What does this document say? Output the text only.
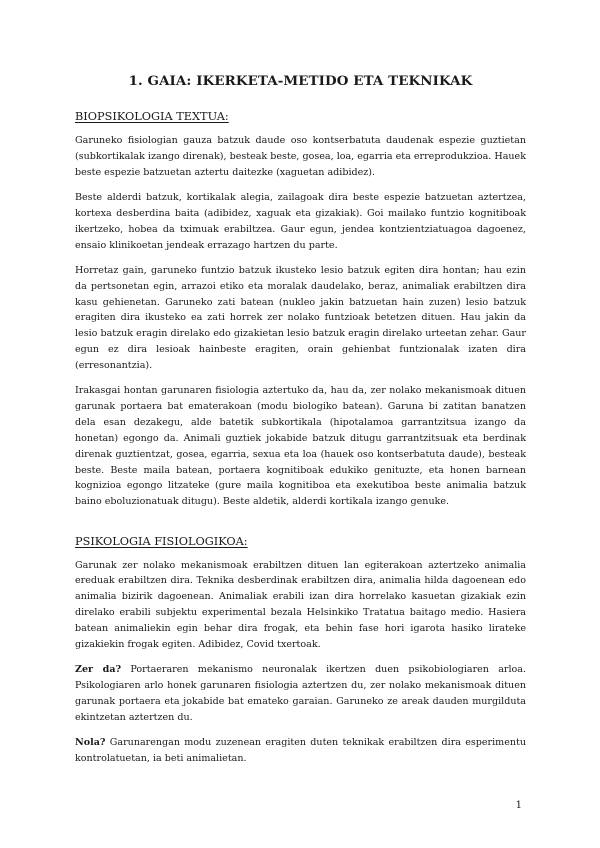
1. GAIA: IKERKETA-METIDO ETA TEKNIKAK
BIOPSIKOLOGIA TEXTUA:

Garuneko fisiologian gauza batzuk daude oso kontserbatuta daudenak espezie guztietan (subkortikalak izango direnak), besteak beste, gosea, loa, egarria eta erreprodukzioa. Hauek beste espezie batzuetan aztertu daitezke (xaguetan adibidez).

Beste alderdi batzuk, kortikalak alegia, zailagoak dira beste espezie batzuetan aztertzea, kortexa desberdina baita (adibidez, xaguak eta gizakiak). Goi mailako funtzio kognitiboak ikertzeko, hobea da tximuak erabiltzea. Gaur egun, jendea kontzientziatuagoa dagoenez, ensaio klinikoetan jendeak errazago hartzen du parte.

Horretaz gain, garuneko funtzio batzuk ikusteko lesio batzuk egiten dira hontan; hau ezin da pertsonetan egin, arrazoi etiko eta moralak daudelako, beraz, animaliak erabiltzen dira kasu gehienetan. Garuneko zati batean (nukleo jakin batzuetan hain zuzen) lesio batzuk eragiten dira ikusteko ea zati horrek zer nolako funtzioak betetzen dituen. Hau jakin da lesio batzuk eragin direlako edo gizakietan lesio batzuk eragin direlako urteetan zehar. Gaur egun ez dira lesioak hainbeste eragiten, orain gehienbat funtzionalak izaten dira (erresonantzia).

Irakasgai hontan garunaren fisiologia aztertuko da, hau da, zer nolako mekanismoak dituen garunak portaera bat ematerakoan (modu biologiko batean). Garuna bi zatitan banatzen dela esan dezakegu, alde batetik subkortikala (hipotalamoa garrantzitsua izango da honetan) egongo da. Animali guztiek jokabide batzuk ditugu garrantzitsuak eta berdinak direnak guztientzat, gosea, egarria, sexua eta loa (hauek oso kontserbatuta daude), besteak beste. Beste maila batean, portaera kognitiboak edukiko genituzte, eta honen barnean kognizioa egongo litzateke (gure maila kognitiboa eta exekutiboa beste animalia batzuk baino eboluzionatuak ditugu). Beste aldetik, alderdi kortikala izango genuke.

PSIKOLOGIA FISIOLOGIKOA:

Garunak zer nolako mekanismoak erabiltzen dituen lan egiterakoan aztertzeko animalia ereduak erabiltzen dira. Teknika desberdinak erabiltzen dira, animalia hilda dagoenean edo animalia bizirik dagoenean. Animaliak erabili izan dira horrelako kasuetan gizakiak ezin direlako erabili subjektu experimental bezala Helsinkiko Tratatua baitago medio. Hasiera batean animaliekin egin behar dira frogak, eta behin fase hori igarota hasiko lirateke gizakiekin frogak egiten. Adibidez, Covid txertoak.

Zer da? Portaeraren mekanismo neuronalak ikertzen duen psikobiologiaren arloa. Psikologiaren arlo honek garunaren fisiologia aztertzen du, zer nolako mekanismoak dituen garunak portaera eta jokabide bat emateko garaian. Garuneko ze areak dauden murgilduta ekintzetan aztertzen du.

Nola? Garunarengan modu zuzenean eragiten duten teknikak erabiltzen dira esperimentu kontrolatuetan, ia beti animalietan.

1
